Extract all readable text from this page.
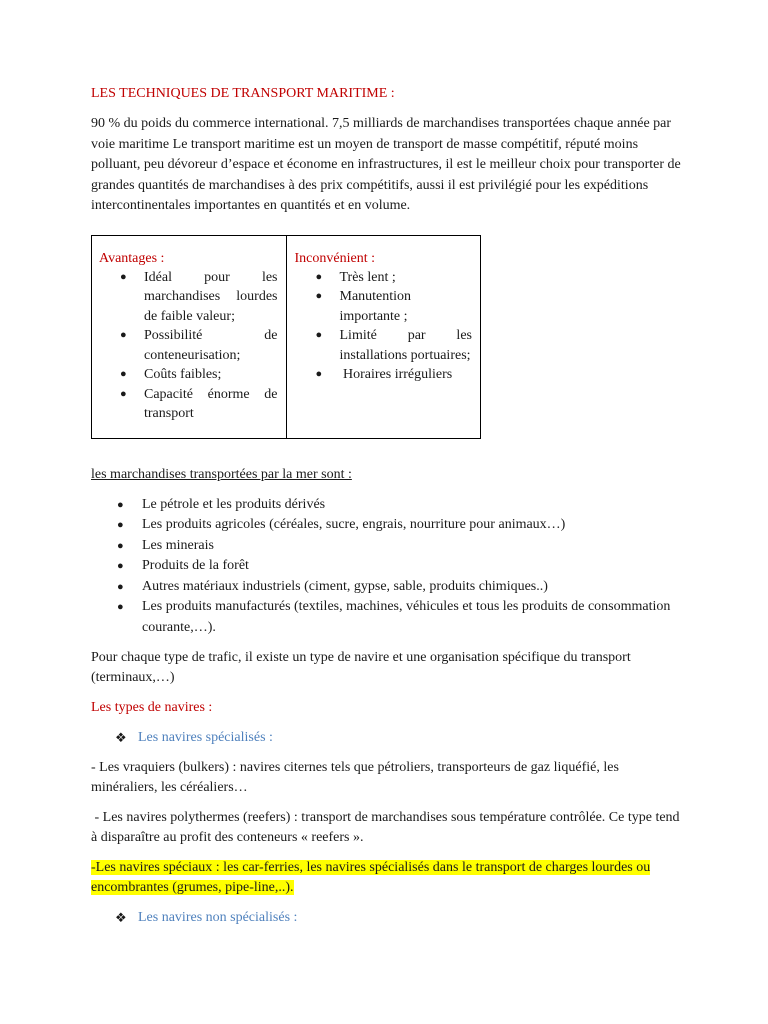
LES TECHNIQUES DE TRANSPORT MARITIME :

90 % du poids du commerce international. 7,5 milliards de marchandises transportées chaque année par voie maritime Le transport maritime est un moyen de transport de masse compétitif, réputé moins polluant, peu dévoreur d’espace et économe en infrastructures, il est le meilleur choix pour transporter de grandes quantités de marchandises à des prix compétitifs, aussi il est privilégié pour les expéditions intercontinentales importantes en quantités et en volume.

Avantages :
● Idéal pour les marchandises lourdes de faible valeur;
● Possibilité de conteneurisation;
● Coûts faibles;
● Capacité énorme de transport

Inconvénient :
● Très lent ;
● Manutention importante ;
● Limité par les installations portuaires;
● Horaires irréguliers

les marchandises transportées par la mer sont :

● Le pétrole et les produits dérivés
● Les produits agricoles (céréales, sucre, engrais, nourriture pour animaux…)
● Les minerais
● Produits de la forêt
● Autres matériaux industriels (ciment, gypse, sable, produits chimiques..)
● Les produits manufacturés (textiles, machines, véhicules et tous les produits de consommation courante,…).

Pour chaque type de trafic, il existe un type de navire et une organisation spécifique du transport (terminaux,…)

Les types de navires :

❖ Les navires spécialisés :

- Les vraquiers (bulkers) : navires citernes tels que pétroliers, transporteurs de gaz liquéfié, les minéraliers, les céréaliers…

- Les navires polythermes (reefers) : transport de marchandises sous température contrôlée. Ce type tend à disparaître au profit des conteneurs « reefers ».

-Les navires spéciaux : les car-ferries, les navires spécialisés dans le transport de charges lourdes ou encombrantes (grumes, pipe-line,..).

❖ Les navires non spécialisés :
